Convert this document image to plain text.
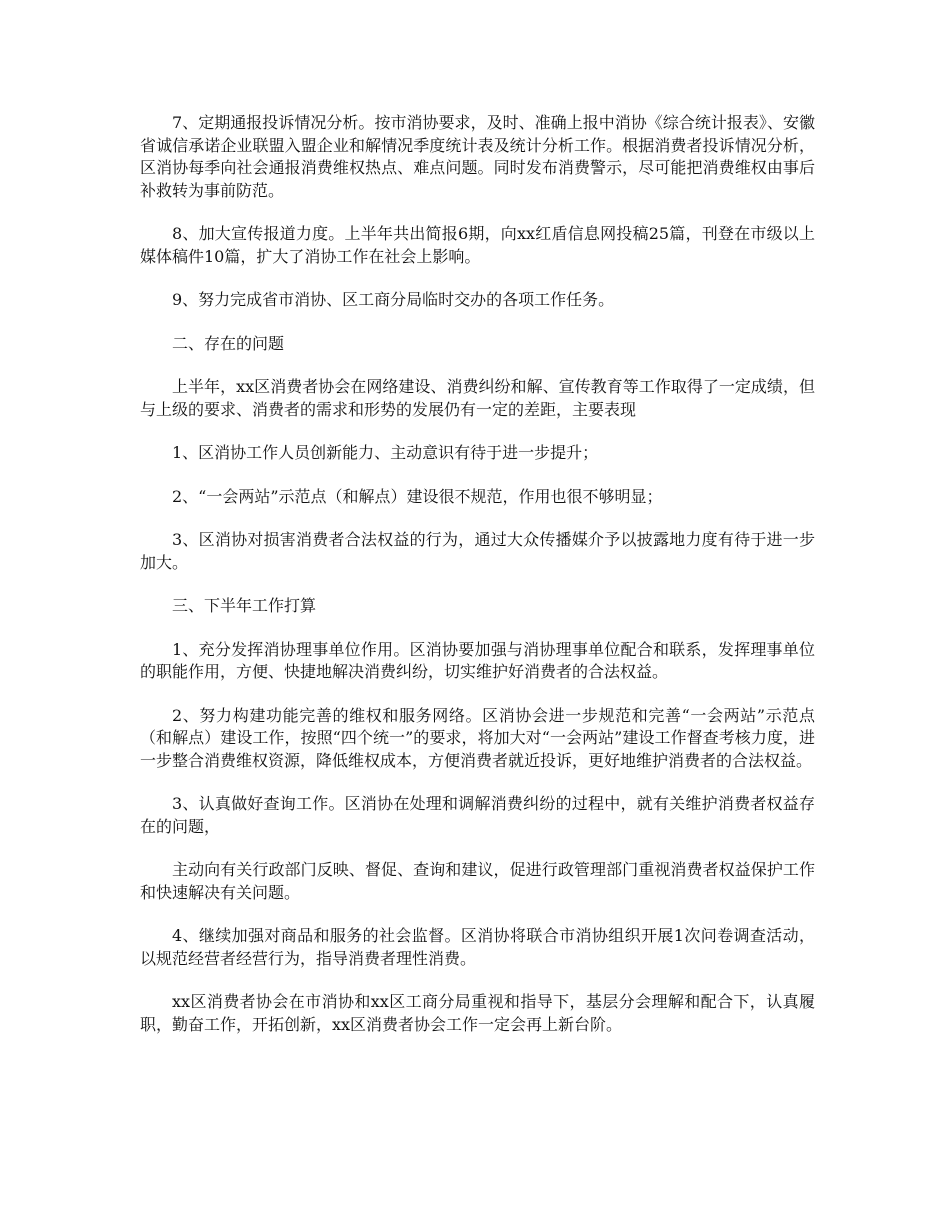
7、定期通报投诉情况分析。按市消协要求，及时、准确上报中消协《综合统计报表》、安徽省诚信承诺企业联盟入盟企业和解情况季度统计表及统计分析工作。根据消费者投诉情况分析，区消协每季向社会通报消费维权热点、难点问题。同时发布消费警示，尽可能把消费维权由事后补救转为事前防范。

8、加大宣传报道力度。上半年共出简报6期，向xx红盾信息网投稿25篇，刊登在市级以上媒体稿件10篇，扩大了消协工作在社会上影响。

9、努力完成省市消协、区工商分局临时交办的各项工作任务。

二、存在的问题

上半年，xx区消费者协会在网络建设、消费纠纷和解、宣传教育等工作取得了一定成绩，但与上级的要求、消费者的需求和形势的发展仍有一定的差距，主要表现

1、区消协工作人员创新能力、主动意识有待于进一步提升；

2、“一会两站”示范点（和解点）建设很不规范，作用也很不够明显；

3、区消协对损害消费者合法权益的行为，通过大众传播媒介予以披露地力度有待于进一步加大。

三、下半年工作打算

1、充分发挥消协理事单位作用。区消协要加强与消协理事单位配合和联系，发挥理事单位的职能作用，方便、快捷地解决消费纠纷，切实维护好消费者的合法权益。

2、努力构建功能完善的维权和服务网络。区消协会进一步规范和完善“一会两站”示范点（和解点）建设工作，按照“四个统一”的要求，将加大对“一会两站”建设工作督查考核力度，进一步整合消费维权资源，降低维权成本，方便消费者就近投诉，更好地维护消费者的合法权益。

3、认真做好查询工作。区消协在处理和调解消费纠纷的过程中，就有关维护消费者权益存在的问题，

主动向有关行政部门反映、督促、查询和建议，促进行政管理部门重视消费者权益保护工作和快速解决有关问题。

4、继续加强对商品和服务的社会监督。区消协将联合市消协组织开展1次问卷调查活动，以规范经营者经营行为，指导消费者理性消费。

xx区消费者协会在市消协和xx区工商分局重视和指导下，基层分会理解和配合下，认真履职，勤奋工作，开拓创新，xx区消费者协会工作一定会再上新台阶。
